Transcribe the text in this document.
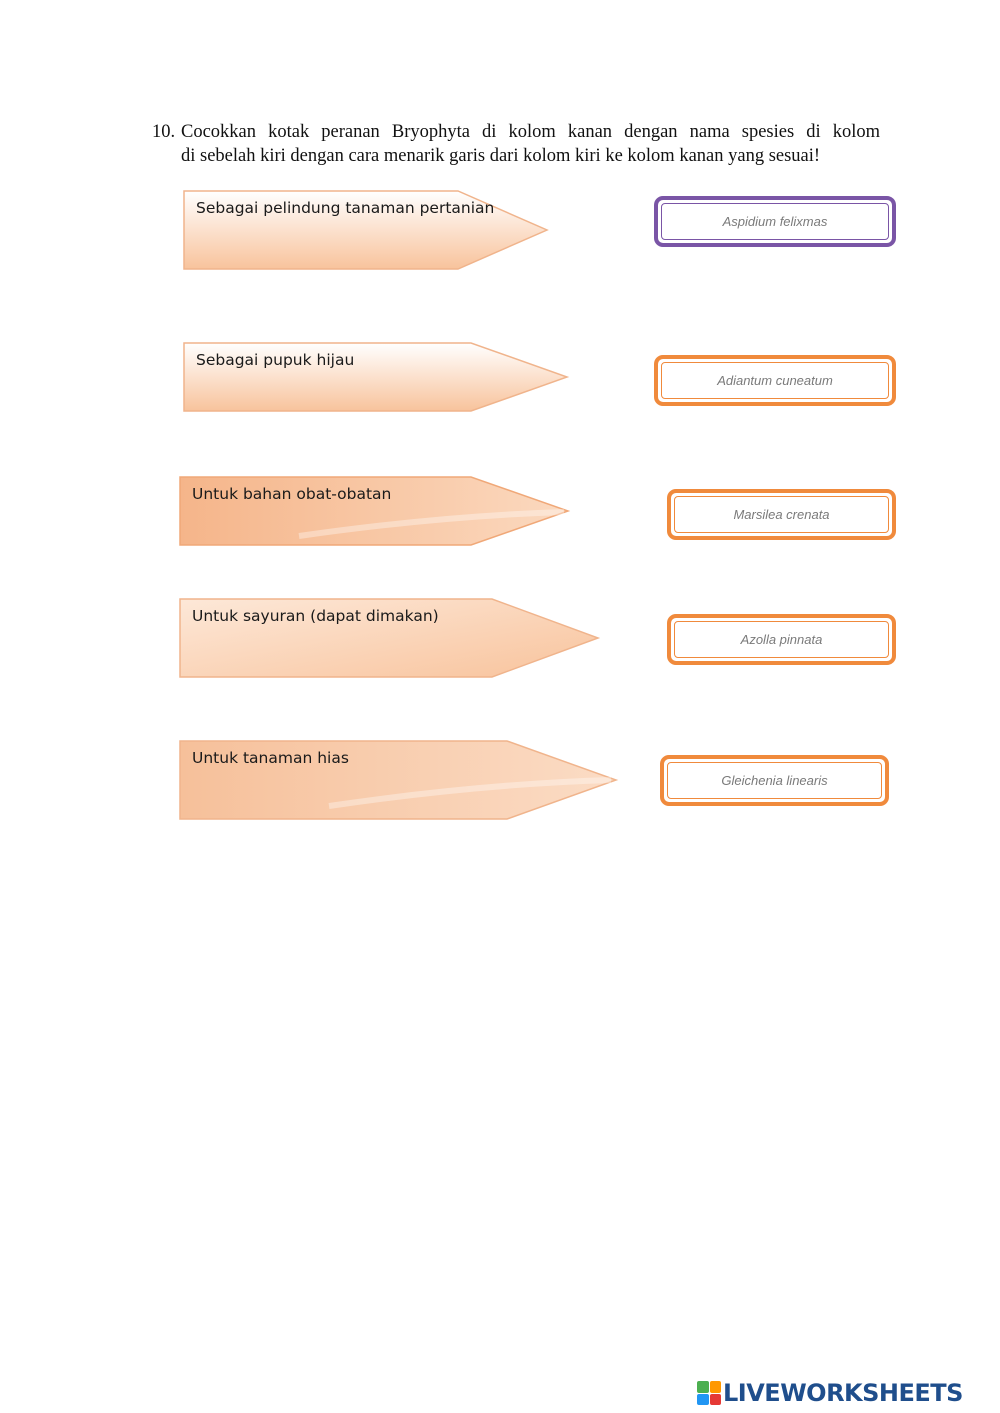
10. Cocokkan kotak peranan Bryophyta di kolom kanan dengan nama spesies di kolom
di sebelah kiri dengan cara menarik garis dari kolom kiri ke kolom kanan yang sesuai!
Sebagai pelindung tanaman pertanian
Sebagai pupuk hijau
Untuk bahan obat-obatan
Untuk sayuran (dapat dimakan)
Untuk tanaman hias
Aspidium felixmas
Adiantum cuneatum
Marsilea crenata
Azolla pinnata
Gleichenia linearis
LIVEWORKSHEETS
